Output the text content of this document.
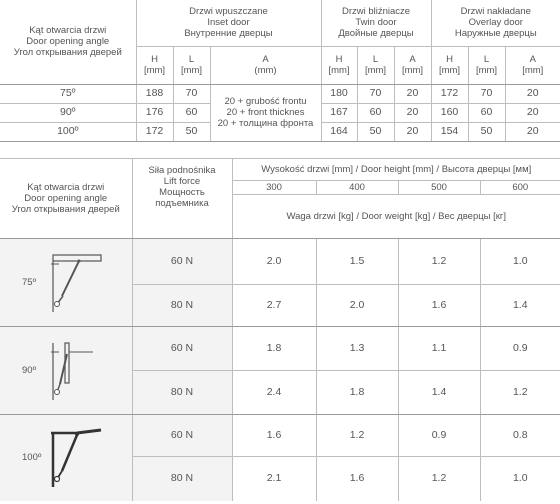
Kąt otwarcia drzwi
Door opening angle
Угол открывания дверей	Drzwi wpuszczane
Inset door
Внутренние дверцы			Drzwi bliźniacze
Twin door
Двойные дверцы			Drzwi nakładane
Overlay door
Наружные дверцы		

	H
[mm]	L
[mm]	A
(mm)	H
[mm]	L
[mm]	A
[mm]	H
[mm]	L
[mm]	A
[mm]

75º	188	70	20 + grubość frontu
20 + front thicknes
20 + толщина фронта	180	70	20	172	70	20
90º	176	60		167	60	20	160	60	20
100º	172	50		164	50	20	154	50	20
Kąt otwarcia drzwi
Door opening angle
Угол открывания дверей	Siła podnośnika
Lift force
Мощность
подъемника	Wysokość drzwi [mm] / Door height [mm] / Высота дверцы [мм]			
		300	400	500	600
		Waga drzwi [kg] / Door weight [kg] / Вес дверцы [кг]			
75º	60 N	2.0	1.5	1.2	1.0
	80 N	2.7	2.0	1.6	1.4
90º	60 N	1.8	1.3	1.1	0.9
	80 N	2.4	1.8	1.4	1.2
100º	60 N	1.6	1.2	0.9	0.8
	80 N	2.1	1.6	1.2	1.0
